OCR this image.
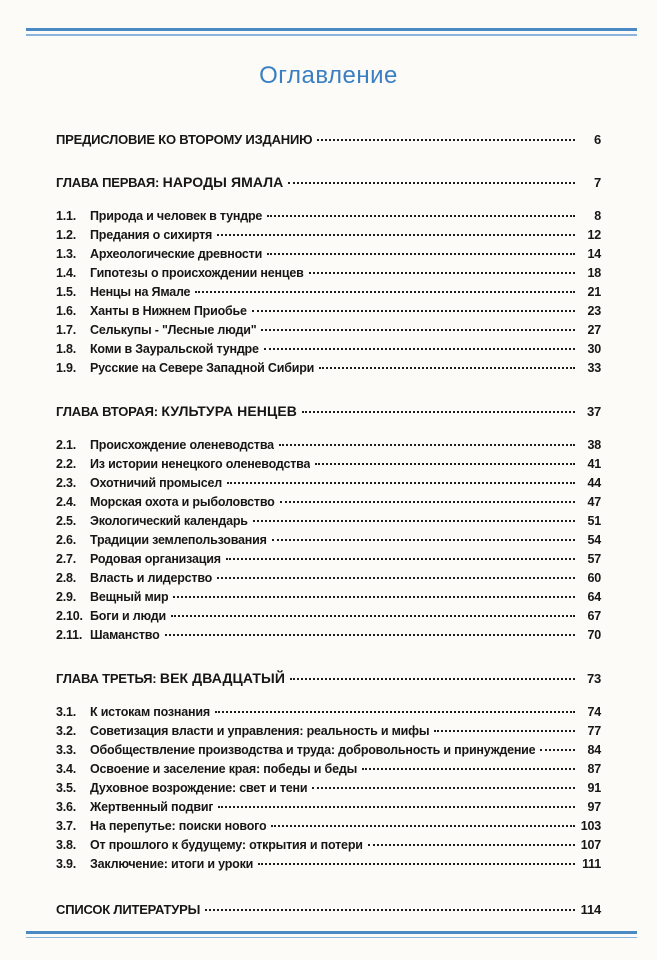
Оглавление
ПРЕДИСЛОВИЕ КО ВТОРОМУ ИЗДАНИЮ	6
ГЛАВА ПЕРВАЯ: НАРОДЫ ЯМАЛА	7
1.1.	Природа и человек в тундре	8
1.2.	Предания о сихиртя	12
1.3.	Археологические древности	14
1.4.	Гипотезы о происхождении ненцев	18
1.5.	Ненцы на Ямале	21
1.6.	Ханты в Нижнем Приобье	23
1.7.	Селькупы - "Лесные люди"	27
1.8.	Коми в Зауральской тундре	30
1.9.	Русские на Севере Западной Сибири	33
ГЛАВА ВТОРАЯ: КУЛЬТУРА НЕНЦЕВ	37
2.1.	Происхождение оленеводства	38
2.2.	Из истории ненецкого оленеводства	41
2.3.	Охотничий промысел	44
2.4.	Морская охота и рыболовство	47
2.5.	Экологический календарь	51
2.6.	Традиции землепользования	54
2.7.	Родовая организация	57
2.8.	Власть и лидерство	60
2.9.	Вещный мир	64
2.10. Боги и люди	67
2.11. Шаманство	70
ГЛАВА ТРЕТЬЯ: ВЕК ДВАДЦАТЫЙ	73
3.1.	К истокам познания	74
3.2.	Советизация власти и управления: реальность и мифы	77
3.3.	Обобществление производства и труда: добровольность и принуждение	84
3.4.	Освоение и заселение края: победы и беды	87
3.5.	Духовное возрождение: свет и тени	91
3.6.	Жертвенный подвиг	97
3.7.	На перепутье: поиски нового	103
3.8.	От прошлого к будущему: открытия и потери	107
3.9.	Заключение: итоги и уроки	111
СПИСОК ЛИТЕРАТУРЫ	114
